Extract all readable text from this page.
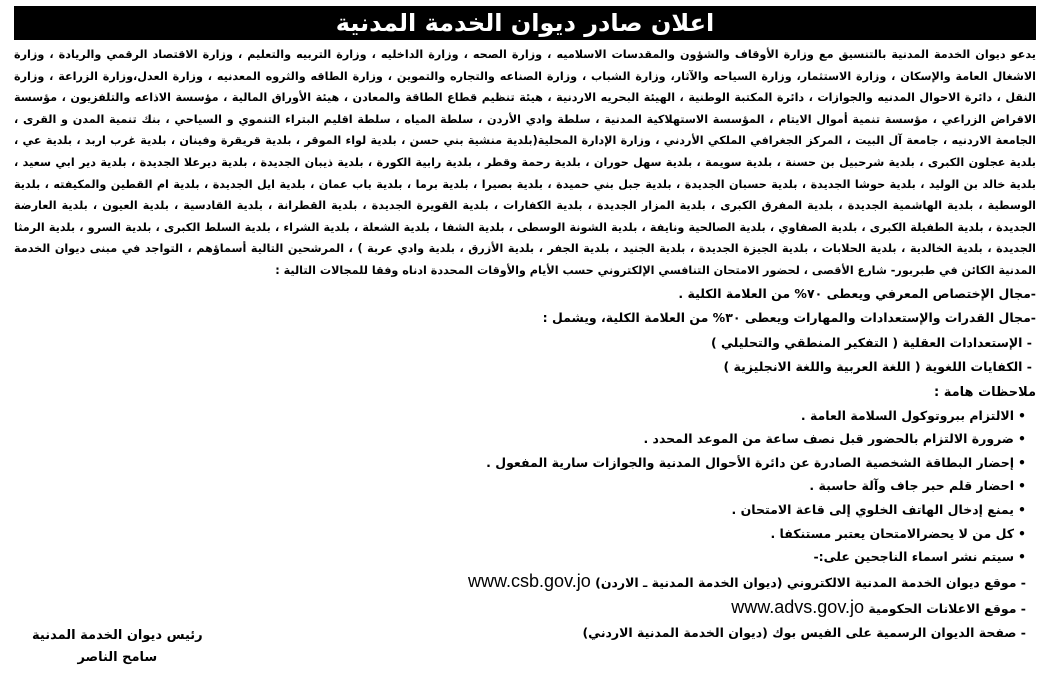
اعلان صادر ديوان الخدمة المدنية

يدعو ديوان الخدمة المدنية بالتنسيق مع وزارة الأوقاف والشؤون والمقدسات الاسلاميه ، وزارة الصحه ، وزارة الداخليه ، وزارة التربيه والتعليم ، وزارة الاقتصاد الرقمي والريادة ، وزارة الاشغال العامة والإسكان ، وزارة الاستثمار، وزارة السياحه والآثار، وزارة الشباب ، وزارة الصناعه والتجاره والتموين ، وزارة الطاقه والثروه المعدنيه ، وزارة العدل،وزارة الزراعة ، وزارة النقل ، دائرة الاحوال المدنيه والجوازات ، دائرة المكتبة الوطنية ، الهيئة البحريه الاردنية ، هيئة تنظيم قطاع الطاقة والمعادن ، هيئة الأوراق المالية ، مؤسسة الاذاعه والتلفزيون ، مؤسسة الاقراض الزراعي ، مؤسسة تنمية أموال الايتام ، المؤسسة الاستهلاكية المدنية ، سلطة وادي الأردن ، سلطة المياه ، سلطة اقليم البتراء التنموي و السياحي ، بنك تنمية المدن و القرى ، الجامعة الاردنيه ، جامعة آل البيت ، المركز الجغرافي الملكي الأردني ، وزارة الإدارة المحلية(بلدية منشية بني حسن ، بلدية لواء الموقر ، بلدية قريقرة وفينان ، بلدية غرب اربد ، بلدية عي ، بلدية عجلون الكبرى ، بلدية شرحبيل بن حسنة ، بلدية سويمة ، بلدية سهل حوران ، بلدية رحمة وقطر ، بلدية رابية الكورة ، بلدية ذيبان الجديدة ، بلدية ديرعلا الجديدة ، بلدية دير ابي سعيد ، بلدية خالد بن الوليد ، بلدية حوشا الجديدة ، بلدية حسبان الجديدة ، بلدية جبل بني حميدة ، بلدية بصيرا ، بلدية برما ، بلدية باب عمان ، بلدية ايل الجديدة ، بلدية ام القطين والمكيفته ، بلدية الوسطية ، بلدية الهاشمية الجديدة ، بلدية المفرق الكبرى ، بلدية المزار الجديدة ، بلدية الكفارات ، بلدية القويرة الجديدة ، بلدية القطرانة ، بلدية القادسية ، بلدية العيون ، بلدية العارضة الجديدة ، بلدية الطفيلة الكبرى ، بلدية الصفاوي ، بلدية الصالحية ونايفة ، بلدية الشونة الوسطى ، بلدية الشفا ، بلدية الشعلة ، بلدية الشراء ، بلدية السلط الكبرى ، بلدية السرو ، بلدية الرمثا الجديدة ، بلدية الخالدية ، بلدية الحلابات ، بلدية الجيزة الجديدة ، بلدية الجنيد ، بلدية الجفر ، بلدية الأزرق ، بلدية وادي عربة ) ، المرشحين التالية أسماؤهم ، التواجد في مبنى ديوان الخدمة المدنية الكائن في طبربور- شارع الأقصى ، لحضور الامتحان التنافسي الإلكتروني حسب الأيام والأوقات المحددة ادناه وفقا للمجالات التالية :

-مجال الإختصاص المعرفي ويعطى ٧٠% من العلامة الكلية .
-مجال القدرات والإستعدادات والمهارات ويعطى ٣٠% من العلامة الكلية، ويشمل :
- الإستعدادات العقلية ( التفكير المنطقي والتحليلي )
- الكفايات اللغوية ( اللغة العربية واللغة الانجليزية )
ملاحظات هامة :
•الالتزام ببروتوكول السلامة العامة .
•ضرورة الالتزام بالحضور قبل نصف ساعة من الموعد المحدد .
•إحضار البطاقة الشخصية الصادرة عن دائرة الأحوال المدنية والجوازات سارية المفعول .
•احضار قلم حبر جاف وآلة حاسبة .
•يمنع إدخال الهاتف الخلوي إلى قاعة الامتحان .
•كل من لا يحضرالامتحان يعتبر مستنكفا .
•سيتم نشر اسماء الناجحين على:-
- موقع ديوان الخدمة المدنية الالكتروني (ديوان الخدمة المدنية ـ الاردن) www.csb.gov.jo
- موقع الاعلانات الحكومية www.advs.gov.jo
- صفحة الديوان الرسمية على الفيس بوك (ديوان الخدمة المدنية الاردني)
رئيس ديوان الخدمة المدنية
سامح الناصر
